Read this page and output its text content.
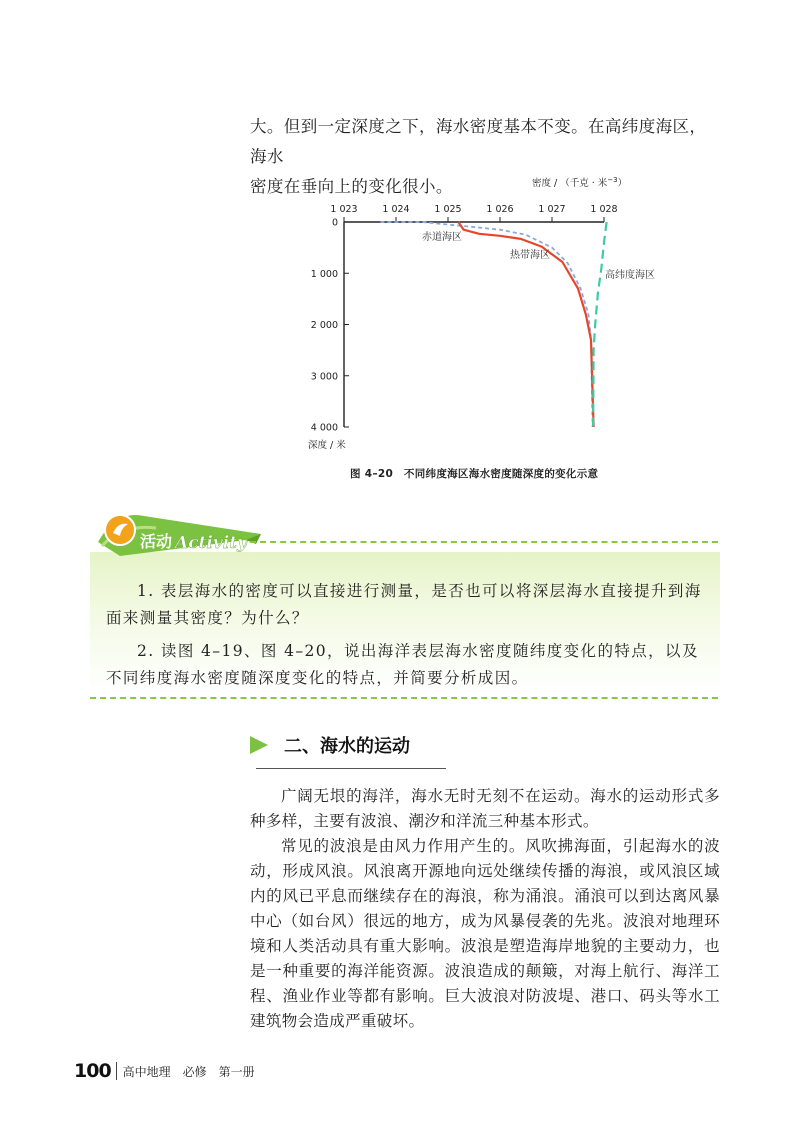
大。但到一定深度之下，海水密度基本不变。在高纬度海区，海水

密度在垂向上的变化很小。

1 023	1 024	1 025	1 026	1 027	1 028
0
1 000
2 000
3 000
4 000
密度 / （千克 · 米$^{-3}$）
深度 / 米
赤道海区
热带海区
高纬度海区
图 4–20　不同纬度海区海水密度随深度的变化示意
活动 Activity

1. 表层海水的密度可以直接进行测量，是否也可以将深层海水直接提升到海面来测量其密度？为什么？

2. 读图 4–19、图 4–20，说出海洋表层海水密度随纬度变化的特点，以及不同纬度海水密度随深度变化的特点，并简要分析成因。

二、海水的运动

广阔无垠的海洋，海水无时无刻不在运动。海水的运动形式多种多样，主要有波浪、潮汐和洋流三种基本形式。

常见的波浪是由风力作用产生的。风吹拂海面，引起海水的波动，形成风浪。风浪离开源地向远处继续传播的海浪，或风浪区域内的风已平息而继续存在的海浪，称为涌浪。涌浪可以到达离风暴中心（如台风）很远的地方，成为风暴侵袭的先兆。波浪对地理环境和人类活动具有重大影响。波浪是塑造海岸地貌的主要动力，也是一种重要的海洋能资源。波浪造成的颠簸，对海上航行、海洋工程、渔业作业等都有影响。巨大波浪对防波堤、港口、码头等水工建筑物会造成严重破坏。

100 高中地理　必修　第一册
